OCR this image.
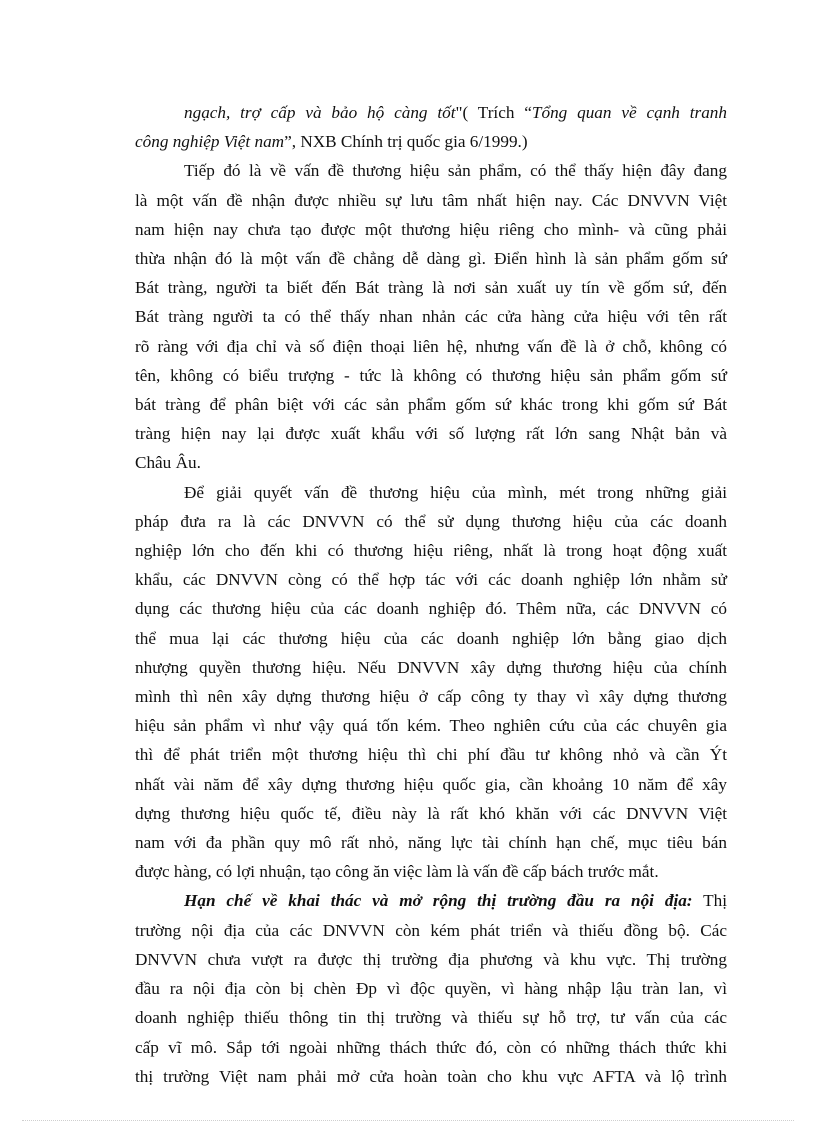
ngạch, trợ cấp và bảo hộ càng tốt"( Trích “Tổng quan về cạnh tranh
công nghiệp Việt nam”, NXB Chính trị quốc gia 6/1999.)

Tiếp đó là về vấn đề thương hiệu sản phẩm, có thể thấy hiện đây đang
là một vấn đề nhận được nhiều sự lưu tâm nhất hiện nay. Các DNVVN Việt
nam hiện nay chưa tạo được một thương hiệu riêng cho mình- và cũng phải
thừa nhận đó là một vấn đề chẳng dễ dàng gì. Điển hình là sản phẩm gốm sứ
Bát tràng, người ta biết đến Bát tràng là nơi sản xuất uy tín về gốm sứ, đến
Bát tràng người ta có thể thấy nhan nhản các cửa hàng cửa hiệu với tên rất
rõ ràng với địa chỉ và số điện thoại liên hệ, nhưng vấn đề là ở chỗ, không có
tên, không có biểu trượng - tức là không có thương hiệu sản phẩm gốm sứ
bát tràng để phân biệt với các sản phẩm gốm sứ khác trong khi gốm sứ Bát
tràng hiện nay lại được xuất khẩu với số lượng rất lớn sang Nhật bản và
Châu Âu.

Để giải quyết vấn đề thương hiệu của mình, mét trong những giải
pháp đưa ra là các DNVVN có thể sử dụng thương hiệu của các doanh
nghiệp lớn cho đến khi có thương hiệu riêng, nhất là trong hoạt động xuất
khẩu, các DNVVN còng có thể hợp tác với các doanh nghiệp lớn nhằm sử
dụng các thương hiệu của các doanh nghiệp đó. Thêm nữa, các DNVVN có
thể mua lại các thương hiệu của các doanh nghiệp lớn bằng giao dịch
nhượng quyền thương hiệu. Nếu DNVVN xây dựng thương hiệu của chính
mình thì nên xây dựng thương hiệu ở cấp công ty thay vì xây dựng thương
hiệu sản phẩm vì như vậy quá tốn kém. Theo nghiên cứu của các chuyên gia
thì để phát triển một thương hiệu thì chi phí đầu tư không nhỏ và cần Ýt
nhất vài năm để xây dựng thương hiệu quốc gia, cần khoảng 10 năm để xây
dựng thương hiệu quốc tế, điều này là rất khó khăn với các DNVVN Việt
nam với đa phần quy mô rất nhỏ, năng lực tài chính hạn chế, mục tiêu bán
được hàng, có lợi nhuận, tạo công ăn việc làm là vấn đề cấp bách trước mắt.

Hạn chế về khai thác và mở rộng thị trường đầu ra nội địa: Thị
trường nội địa của các DNVVN còn kém phát triển và thiếu đồng bộ. Các
DNVVN chưa vượt ra được thị trường địa phương và khu vực. Thị trường
đầu ra nội địa còn bị chèn Ðp vì độc quyền, vì hàng nhập lậu tràn lan, vì
doanh nghiệp thiếu thông tin thị trường và thiếu sự hỗ trợ, tư vấn của các
cấp vĩ mô. Sắp tới ngoài những thách thức đó, còn có những thách thức khi
thị trường Việt nam phải mở cửa hoàn toàn cho khu vực AFTA và lộ trình
